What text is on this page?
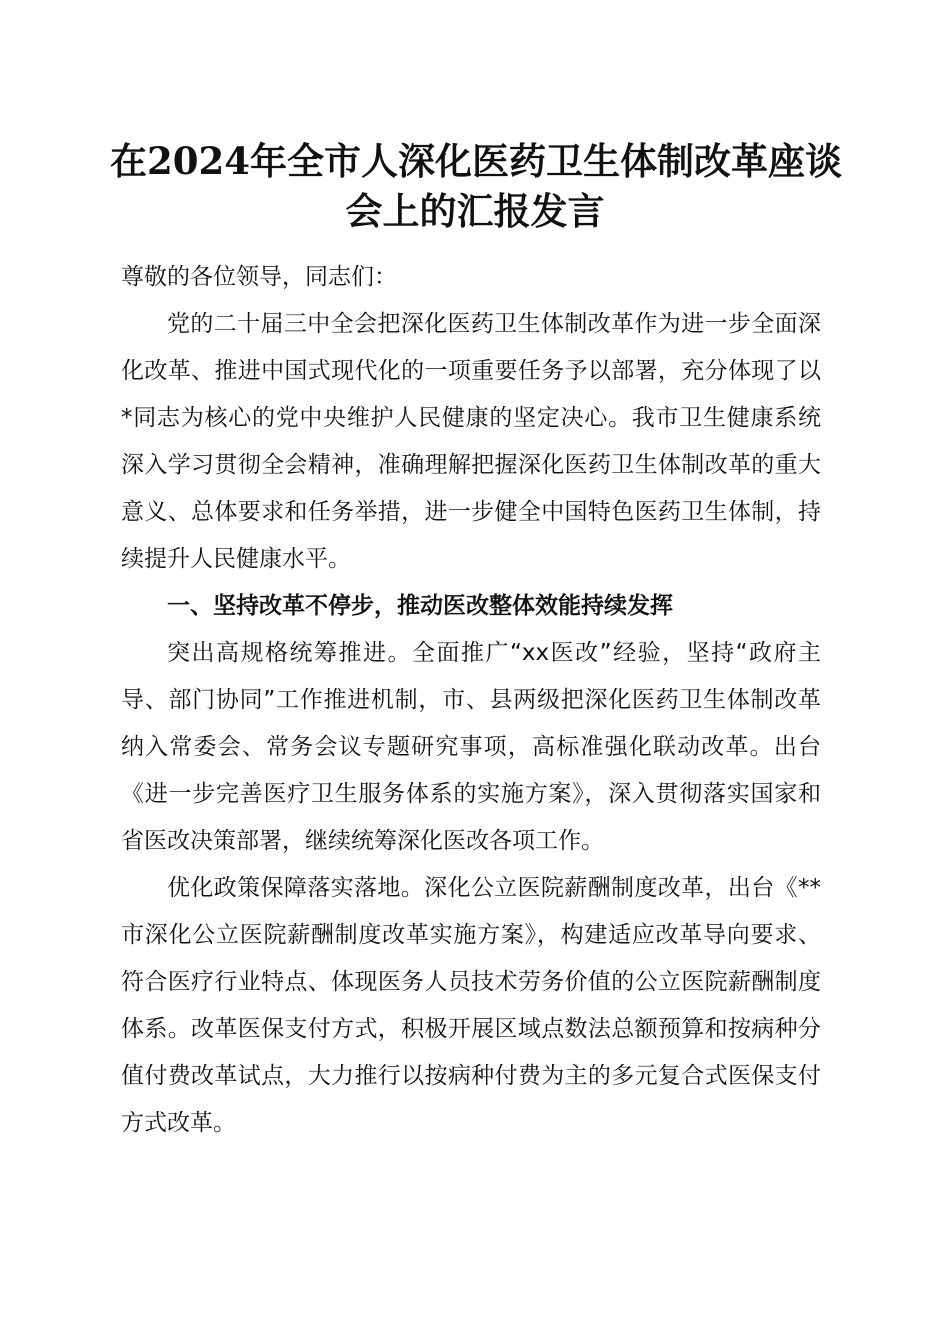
在2024年全市人深化医药卫生体制改革座谈
会上的汇报发言

尊敬的各位领导，同志们：

党的二十届三中全会把深化医药卫生体制改革作为进一步全面深化改革、推进中国式现代化的一项重要任务予以部署，充分体现了以*同志为核心的党中央维护人民健康的坚定决心。我市卫生健康系统深入学习贯彻全会精神，准确理解把握深化医药卫生体制改革的重大意义、总体要求和任务举措，进一步健全中国特色医药卫生体制，持续提升人民健康水平。

一、坚持改革不停步，推动医改整体效能持续发挥

突出高规格统筹推进。全面推广“xx医改”经验，坚持“政府主导、部门协同”工作推进机制，市、县两级把深化医药卫生体制改革纳入常委会、常务会议专题研究事项，高标准强化联动改革。出台《进一步完善医疗卫生服务体系的实施方案》，深入贯彻落实国家和省医改决策部署，继续统筹深化医改各项工作。

优化政策保障落实落地。深化公立医院薪酬制度改革，出台《**市深化公立医院薪酬制度改革实施方案》，构建适应改革导向要求、符合医疗行业特点、体现医务人员技术劳务价值的公立医院薪酬制度体系。改革医保支付方式，积极开展区域点数法总额预算和按病种分值付费改革试点，大力推行以按病种付费为主的多元复合式医保支付方式改革。
